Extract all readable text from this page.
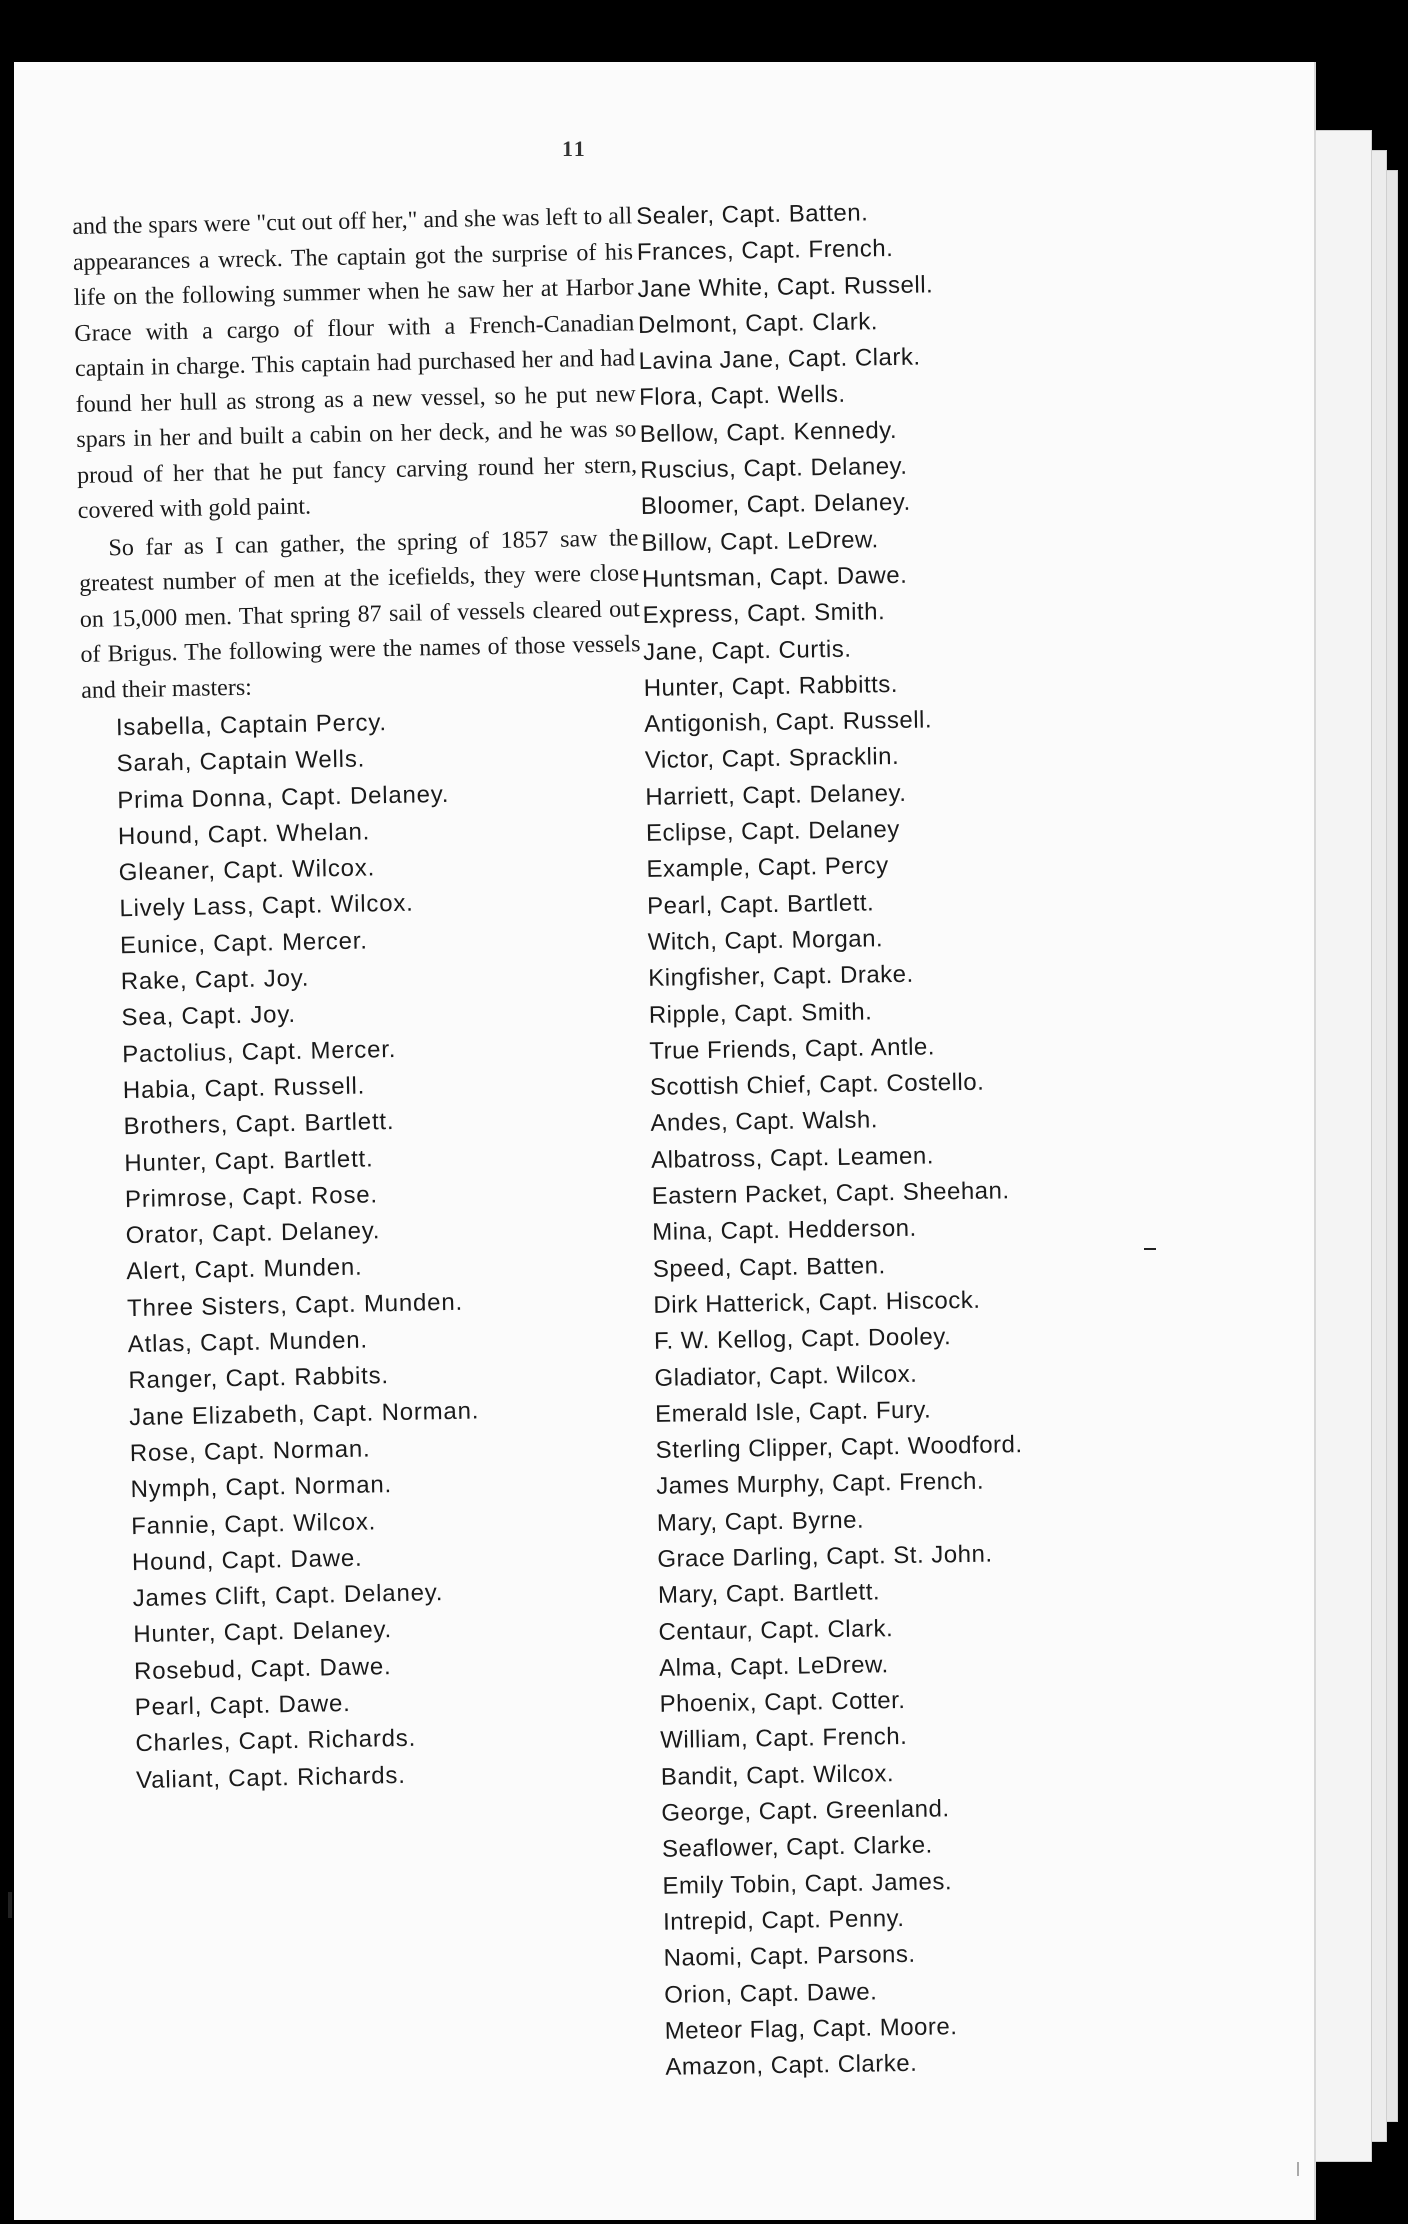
11

and the spars were "cut out off her," and she was left to all appearances a wreck. The captain got the surprise of his life on the following summer when he saw her at Harbor Grace with a cargo of flour with a French-Canadian captain in charge. This captain had purchased her and had found her hull as strong as a new vessel, so he put new spars in her and built a cabin on her deck, and he was so proud of her that he put fancy carving round her stern, covered with gold paint.

So far as I can gather, the spring of 1857 saw the greatest number of men at the icefields, they were close on 15,000 men. That spring 87 sail of vessels cleared out of Brigus. The following were the names of those vessels and their masters:

Isabella, Captain Percy.
Sarah, Captain Wells.
Prima Donna, Capt. Delaney.
Hound, Capt. Whelan.
Gleaner, Capt. Wilcox.
Lively Lass, Capt. Wilcox.
Eunice, Capt. Mercer.
Rake, Capt. Joy.
Sea, Capt. Joy.
Pactolius, Capt. Mercer.
Habia, Capt. Russell.
Brothers, Capt. Bartlett.
Hunter, Capt. Bartlett.
Primrose, Capt. Rose.
Orator, Capt. Delaney.
Alert, Capt. Munden.
Three Sisters, Capt. Munden.
Atlas, Capt. Munden.
Ranger, Capt. Rabbits.
Jane Elizabeth, Capt. Norman.
Rose, Capt. Norman.
Nymph, Capt. Norman.
Fannie, Capt. Wilcox.
Hound, Capt. Dawe.
James Clift, Capt. Delaney.
Hunter, Capt. Delaney.
Rosebud, Capt. Dawe.
Pearl, Capt. Dawe.
Charles, Capt. Richards.
Valiant, Capt. Richards.
Sealer, Capt. Batten.
Frances, Capt. French.
Jane White, Capt. Russell.
Delmont, Capt. Clark.
Lavina Jane, Capt. Clark.
Flora, Capt. Wells.
Bellow, Capt. Kennedy.
Ruscius, Capt. Delaney.
Bloomer, Capt. Delaney.
Billow, Capt. LeDrew.
Huntsman, Capt. Dawe.
Express, Capt. Smith.
Jane, Capt. Curtis.
Hunter, Capt. Rabbitts.
Antigonish, Capt. Russell.
Victor, Capt. Spracklin.
Harriett, Capt. Delaney.
Eclipse, Capt. Delaney
Example, Capt. Percy
Pearl, Capt. Bartlett.
Witch, Capt. Morgan.
Kingfisher, Capt. Drake.
Ripple, Capt. Smith.
True Friends, Capt. Antle.
Scottish Chief, Capt. Costello.
Andes, Capt. Walsh.
Albatross, Capt. Leamen.
Eastern Packet, Capt. Sheehan.
Mina, Capt. Hedderson.
Speed, Capt. Batten.
Dirk Hatterick, Capt. Hiscock.
F. W. Kellog, Capt. Dooley.
Gladiator, Capt. Wilcox.
Emerald Isle, Capt. Fury.
Sterling Clipper, Capt. Woodford.
James Murphy, Capt. French.
Mary, Capt. Byrne.
Grace Darling, Capt. St. John.
Mary, Capt. Bartlett.
Centaur, Capt. Clark.
Alma, Capt. LeDrew.
Phoenix, Capt. Cotter.
William, Capt. French.
Bandit, Capt. Wilcox.
George, Capt. Greenland.
Seaflower, Capt. Clarke.
Emily Tobin, Capt. James.
Intrepid, Capt. Penny.
Naomi, Capt. Parsons.
Orion, Capt. Dawe.
Meteor Flag, Capt. Moore.
Amazon, Capt. Clarke.
